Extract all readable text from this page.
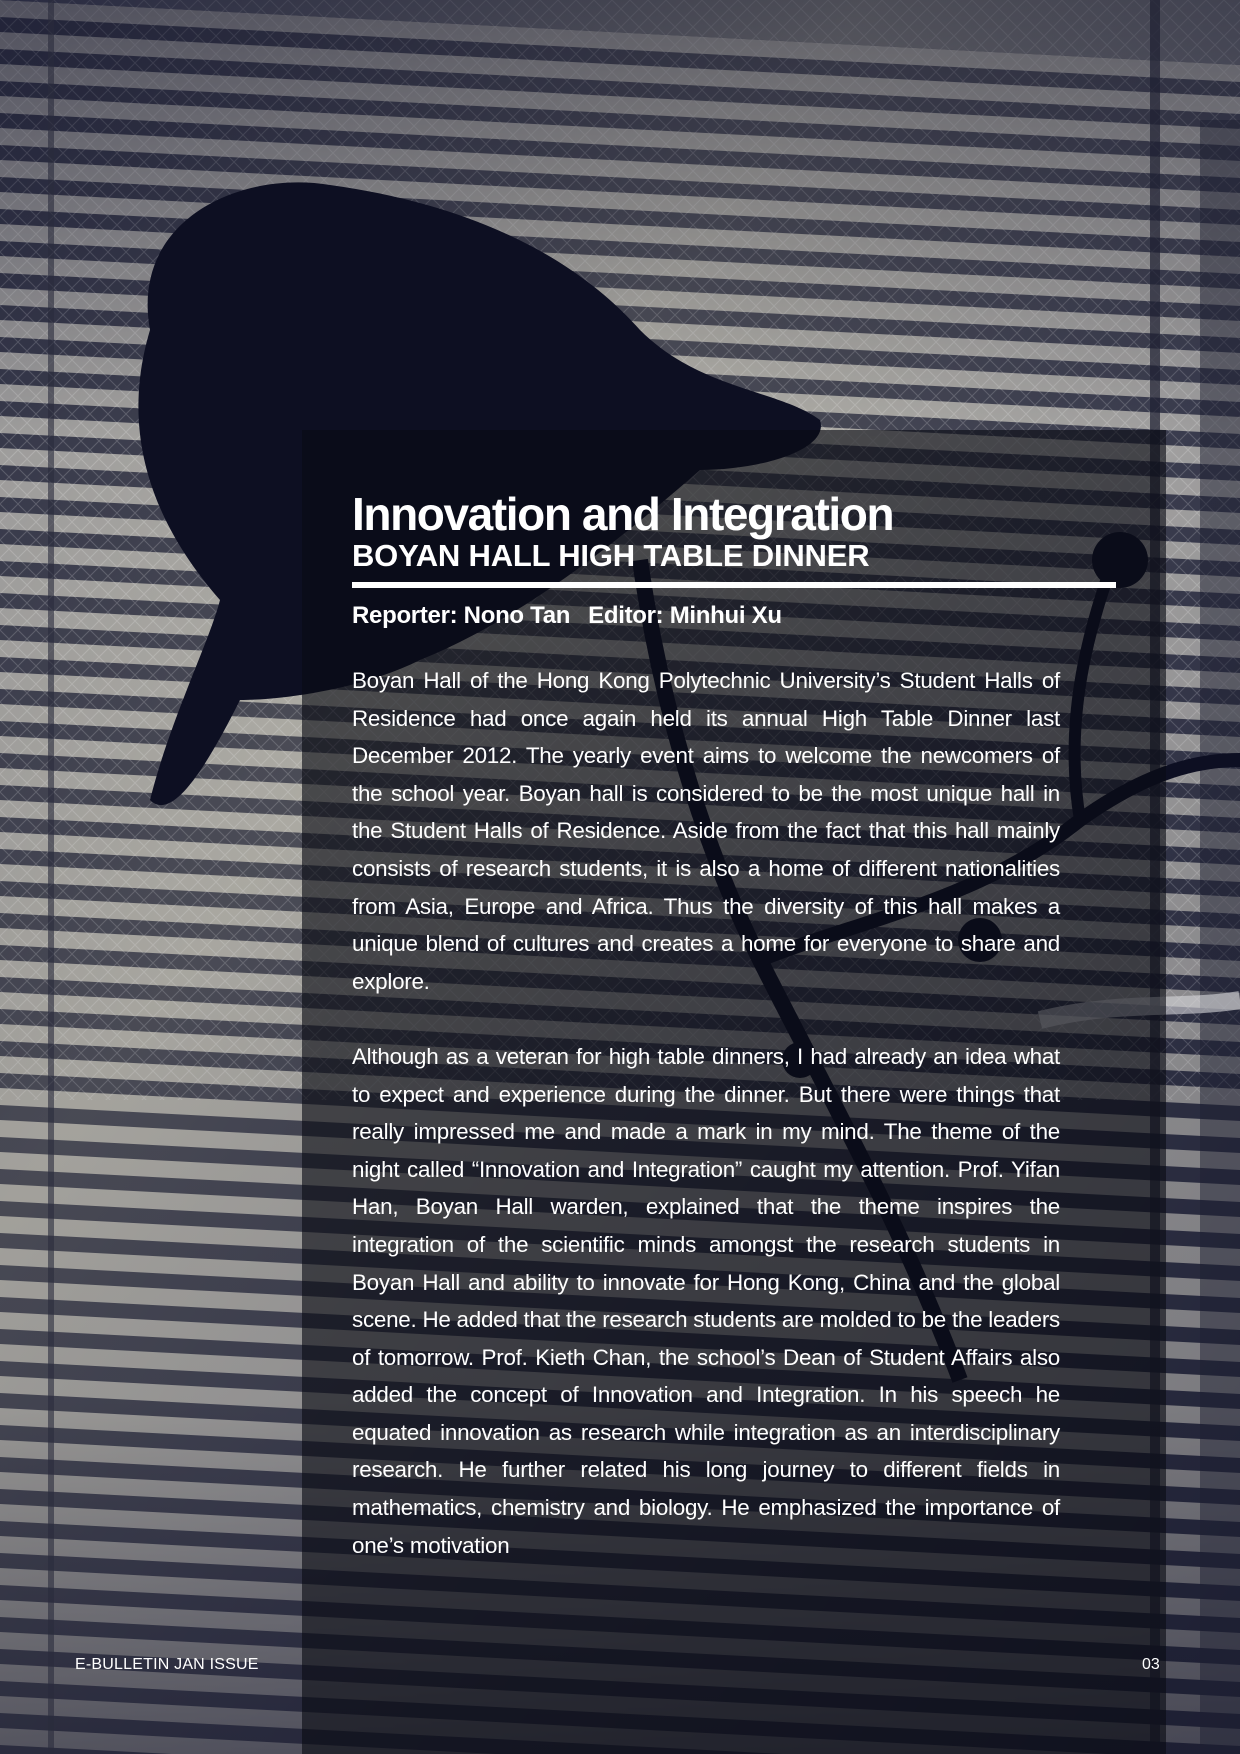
Innovation and Integration
BOYAN HALL HIGH TABLE DINNER
Reporter: Nono Tan Editor: Minhui Xu

Boyan Hall of the Hong Kong Polytechnic University’s Student Halls of Residence had once again held its annual High Table Dinner last December 2012. The yearly event aims to welcome the newcomers of the school year. Boyan hall is considered to be the most unique hall in the Student Halls of Residence. Aside from the fact that this hall mainly consists of research students, it is also a home of different nationalities from Asia, Europe and Africa. Thus the diversity of this hall makes a unique blend of cultures and creates a home for everyone to share and explore.

Although as a veteran for high table dinners, I had already an idea what to expect and experience during the dinner. But there were things that really impressed me and made a mark in my mind. The theme of the night called “Innovation and Integration” caught my attention. Prof. Yifan Han, Boyan Hall warden, explained that the theme inspires the integration of the scientific minds amongst the research students in Boyan Hall and ability to innovate for Hong Kong, China and the global scene. He added that the research students are molded to be the leaders of tomorrow. Prof. Kieth Chan, the school’s Dean of Student Affairs also added the concept of Innovation and Integration. In his speech he equated innovation as research while integration as an interdisciplinary research. He further related his long journey to different fields in mathematics, chemistry and biology. He emphasized the importance of one’s motivation

E-BULLETIN JAN ISSUE	03
